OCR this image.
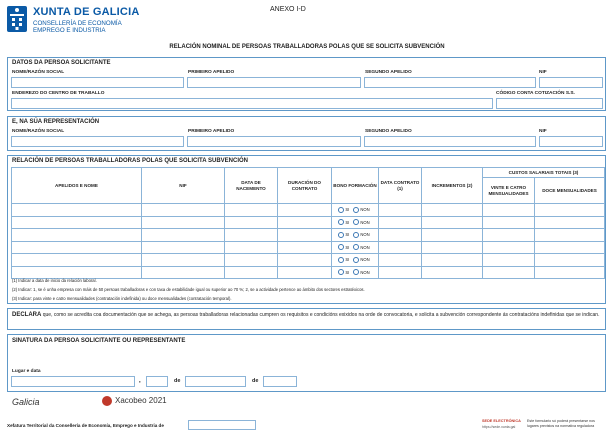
XUNTA DE GALICIA
CONSELLERÍA DE ECONOMÍA
EMPREGO E INDUSTRIA
ANEXO I-D
RELACIÓN NOMINAL DE PERSOAS TRABALLADORAS POLAS QUE SE SOLICITA SUBVENCIÓN
DATOS DA PERSOA SOLICITANTE
NOME/RAZÓN SOCIAL	PRIMEIRO APELIDO	SEGUNDO APELIDO	NIF
ENDEREZO DO CENTRO DE TRABALLO	CÓDIGO CONTA COTIZACIÓN S.S.
E, NA SÚA REPRESENTACIÓN
NOME/RAZÓN SOCIAL	PRIMEIRO APELIDO	SEGUNDO APELIDO	NIF
RELACIÓN DE PERSOAS TRABALLADORAS POLAS QUE SOLICITA SUBVENCIÓN
APELIDOS E NOME	NIF	DATA DE NACEMENTO	DURACIÓN DO CONTRATO	BONO FORMACIÓN	DATA CONTRATO (1)	INCREMENTOS (2)	CUSTOS SALARIAIS TOTAIS (3)	
							VINTE E CATRO MENSUALIDADES	DOCE MENSUALIDADES
				SI NON				
				SI NON				
				SI NON				
				SI NON				
				SI NON				
				SI NON				
(1) Indicar a data de inicio da relación laboral.
(2) Indicar: 1, se é unha empresa con máis de 50 persoas traballadoras e con taxa de estabilidade igual ou superior ao 70 %; 2, se a actividade pertence ao ámbito dos sectores estratéxicos.
(3) Indicar: para vinte e catro mensualidades (contratación indefinida) ou doce mensualidades (contratación temporal).
DECLARA que, como se acredita coa documentación que se achega, as persoas traballadoras relacionadas cumpren os requisitos e condicións exixidos na orde de convocatoria, e solicita a subvención correspondente ás contratacións indefinidas que se indican.
SINATURA DA PERSOA SOLICITANTE OU REPRESENTANTE
Lugar e data
,	de	de
Galicia	Xacobeo 2021
Xefatura Territorial da Consellería de Economía, Emprego e Industria de
SEDE ELECTRÓNICA
https://sede.xunta.gal
Este formulario só poderá presentarse nos
lugares previstos na normativa reguladora
